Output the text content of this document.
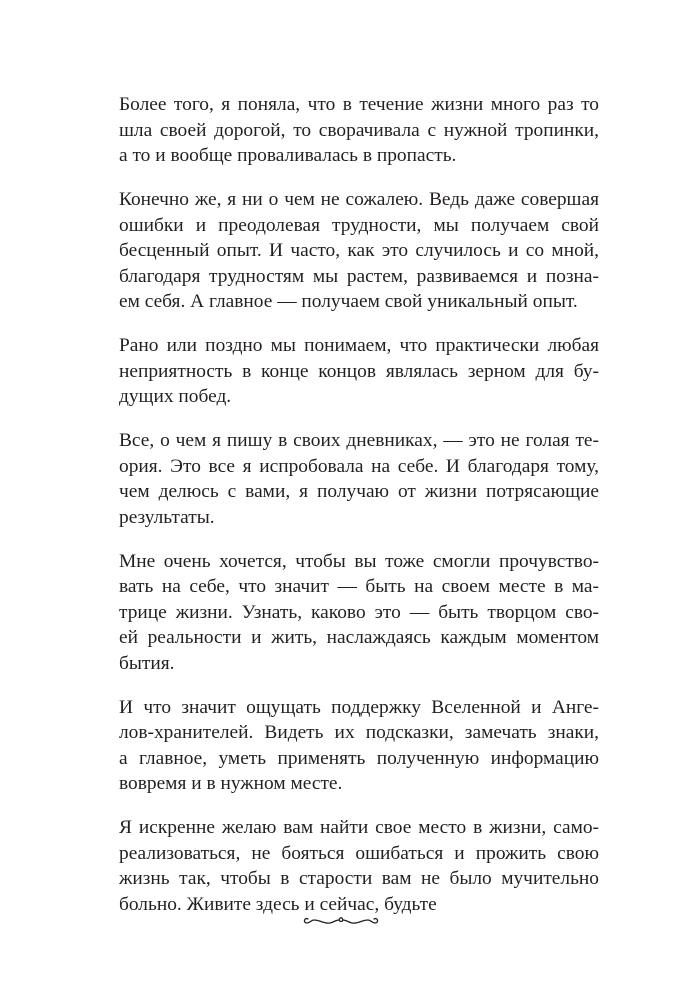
Более того, я поняла, что в течение жизни много раз то
шла своей дорогой, то сворачивала с нужной тропинки,
а то и вообще проваливалась в пропасть.

Конечно же, я ни о чем не сожалею. Ведь даже совершая
ошибки и преодолевая трудности, мы получаем свой
бесценный опыт. И часто, как это случилось и со мной,
благодаря трудностям мы растем, развиваемся и позна-
ем себя. А главное — получаем свой уникальный опыт.

Рано или поздно мы понимаем, что практически любая
неприятность в конце концов являлась зерном для бу-
дущих побед.

Все, о чем я пишу в своих дневниках, — это не голая те-
ория. Это все я испробовала на себе. И благодаря тому,
чем делюсь с вами, я получаю от жизни потрясающие
результаты.

Мне очень хочется, чтобы вы тоже смогли прочувство-
вать на себе, что значит — быть на своем месте в ма-
трице жизни. Узнать, каково это — быть творцом сво-
ей реальности и жить, наслаждаясь каждым моментом
бытия.

И что значит ощущать поддержку Вселенной и Анге-
лов-хранителей. Видеть их подсказки, замечать знаки,
а главное, уметь применять полученную информацию
вовремя и в нужном месте.

Я искренне желаю вам найти свое место в жизни, само-
реализоваться, не бояться ошибаться и прожить свою
жизнь так, чтобы в старости вам не было мучительно
больно. Живите здесь и сейчас, будьте
